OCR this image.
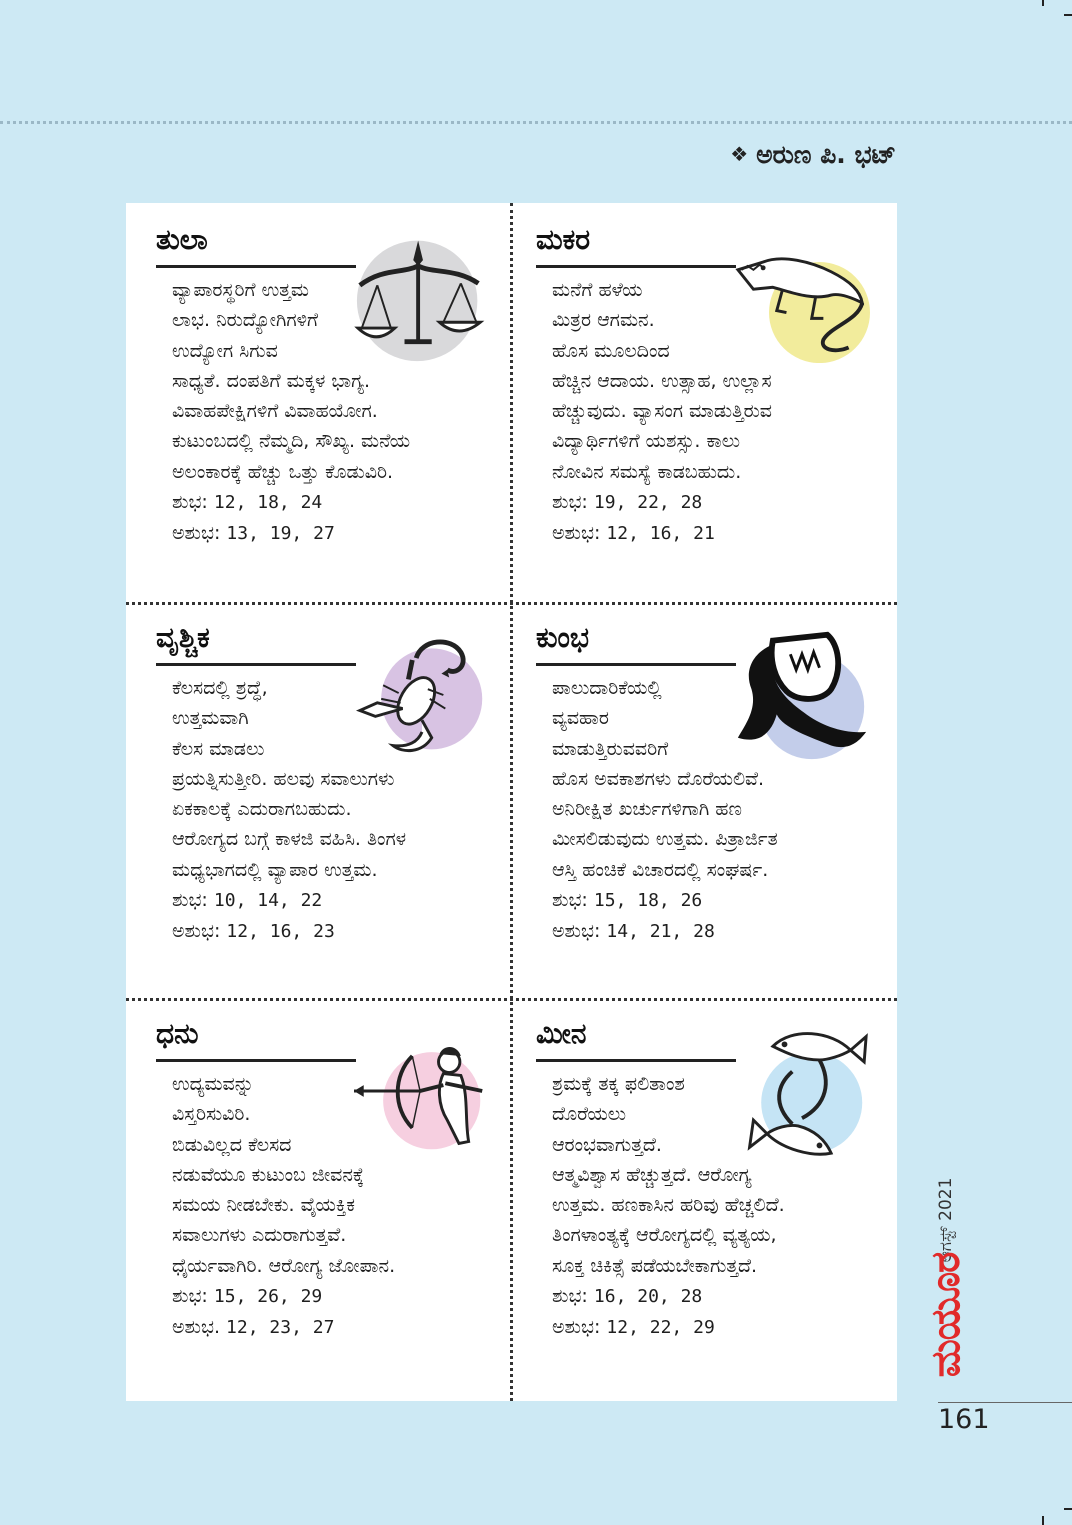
❖ ಅರುಣ ಪಿ. ಭಟ್
ತುಲಾ
ವ್ಯಾಪಾರಸ್ಥರಿಗೆ ಉತ್ತಮ
ಲಾಭ. ನಿರುದ್ಯೋಗಿಗಳಿಗೆ
ಉದ್ಯೋಗ ಸಿಗುವ
ಸಾಧ್ಯತೆ. ದಂಪತಿಗೆ ಮಕ್ಕಳ ಭಾಗ್ಯ.
ವಿವಾಹಪೇಕ್ಷಿಗಳಿಗೆ ವಿವಾಹಯೋಗ.
ಕುಟುಂಬದಲ್ಲಿ ನೆಮ್ಮದಿ, ಸೌಖ್ಯ. ಮನೆಯ
ಅಲಂಕಾರಕ್ಕೆ ಹೆಚ್ಚು ಒತ್ತು ಕೊಡುವಿರಿ.
ಶುಭ: 12, 18, 24
ಅಶುಭ: 13, 19, 27
ಮಕರ
ಮನೆಗೆ ಹಳೆಯ
ಮಿತ್ರರ ಆಗಮನ.
ಹೊಸ ಮೂಲದಿಂದ
ಹೆಚ್ಚಿನ ಆದಾಯ. ಉತ್ಸಾಹ, ಉಲ್ಲಾಸ
ಹೆಚ್ಚುವುದು. ವ್ಯಾಸಂಗ ಮಾಡುತ್ತಿರುವ
ವಿದ್ಯಾರ್ಥಿಗಳಿಗೆ ಯಶಸ್ಸು. ಕಾಲು
ನೋವಿನ ಸಮಸ್ಯೆ ಕಾಡಬಹುದು.
ಶುಭ: 19, 22, 28
ಅಶುಭ: 12, 16, 21
ವೃಶ್ಚಿಕ
ಕೆಲಸದಲ್ಲಿ ಶ್ರದ್ಧೆ,
ಉತ್ತಮವಾಗಿ
ಕೆಲಸ ಮಾಡಲು
ಪ್ರಯತ್ನಿಸುತ್ತೀರಿ. ಹಲವು ಸವಾಲುಗಳು
ಏಕಕಾಲಕ್ಕೆ ಎದುರಾಗಬಹುದು.
ಆರೋಗ್ಯದ ಬಗ್ಗೆ ಕಾಳಜಿ ವಹಿಸಿ. ತಿಂಗಳ
ಮಧ್ಯಭಾಗದಲ್ಲಿ ವ್ಯಾಪಾರ ಉತ್ತಮ.
ಶುಭ: 10, 14, 22
ಅಶುಭ: 12, 16, 23
ಕುಂಭ
ಪಾಲುದಾರಿಕೆಯಲ್ಲಿ
ವ್ಯವಹಾರ
ಮಾಡುತ್ತಿರುವವರಿಗೆ
ಹೊಸ ಅವಕಾಶಗಳು ದೊರೆಯಲಿವೆ.
ಅನಿರೀಕ್ಷಿತ ಖರ್ಚುಗಳಿಗಾಗಿ ಹಣ
ಮೀಸಲಿಡುವುದು ಉತ್ತಮ. ಪಿತ್ರಾರ್ಜಿತ
ಆಸ್ತಿ ಹಂಚಿಕೆ ವಿಚಾರದಲ್ಲಿ ಸಂಘರ್ಷ.
ಶುಭ: 15, 18, 26
ಅಶುಭ: 14, 21, 28
ಧನು
ಉದ್ಯಮವನ್ನು
ವಿಸ್ತರಿಸುವಿರಿ.
ಬಿಡುವಿಲ್ಲದ ಕೆಲಸದ
ನಡುವೆಯೂ ಕುಟುಂಬ ಜೀವನಕ್ಕೆ
ಸಮಯ ನೀಡಬೇಕು. ವೈಯಕ್ತಿಕ
ಸವಾಲುಗಳು ಎದುರಾಗುತ್ತವೆ.
ಧೈರ್ಯವಾಗಿರಿ. ಆರೋಗ್ಯ ಜೋಪಾನ.
ಶುಭ: 15, 26, 29
ಅಶುಭ. 12, 23, 27
ಮೀನ
ಶ್ರಮಕ್ಕೆ ತಕ್ಕ ಫಲಿತಾಂಶ
ದೊರೆಯಲು
ಆರಂಭವಾಗುತ್ತದೆ.
ಆತ್ಮವಿಶ್ವಾಸ ಹೆಚ್ಚುತ್ತದೆ. ಆರೋಗ್ಯ
ಉತ್ತಮ. ಹಣಕಾಸಿನ ಹರಿವು ಹೆಚ್ಚಲಿದೆ.
ತಿಂಗಳಾಂತ್ಯಕ್ಕೆ ಆರೋಗ್ಯದಲ್ಲಿ ವ್ಯತ್ಯಯ,
ಸೂಕ್ತ ಚಿಕಿತ್ಸೆ ಪಡೆಯಬೇಕಾಗುತ್ತದೆ.
ಶುಭ: 16, 20, 28
ಅಶುಭ: 12, 22, 29
ಆಗಸ್ಟ್ 2021
ಮಯೂರ
161
